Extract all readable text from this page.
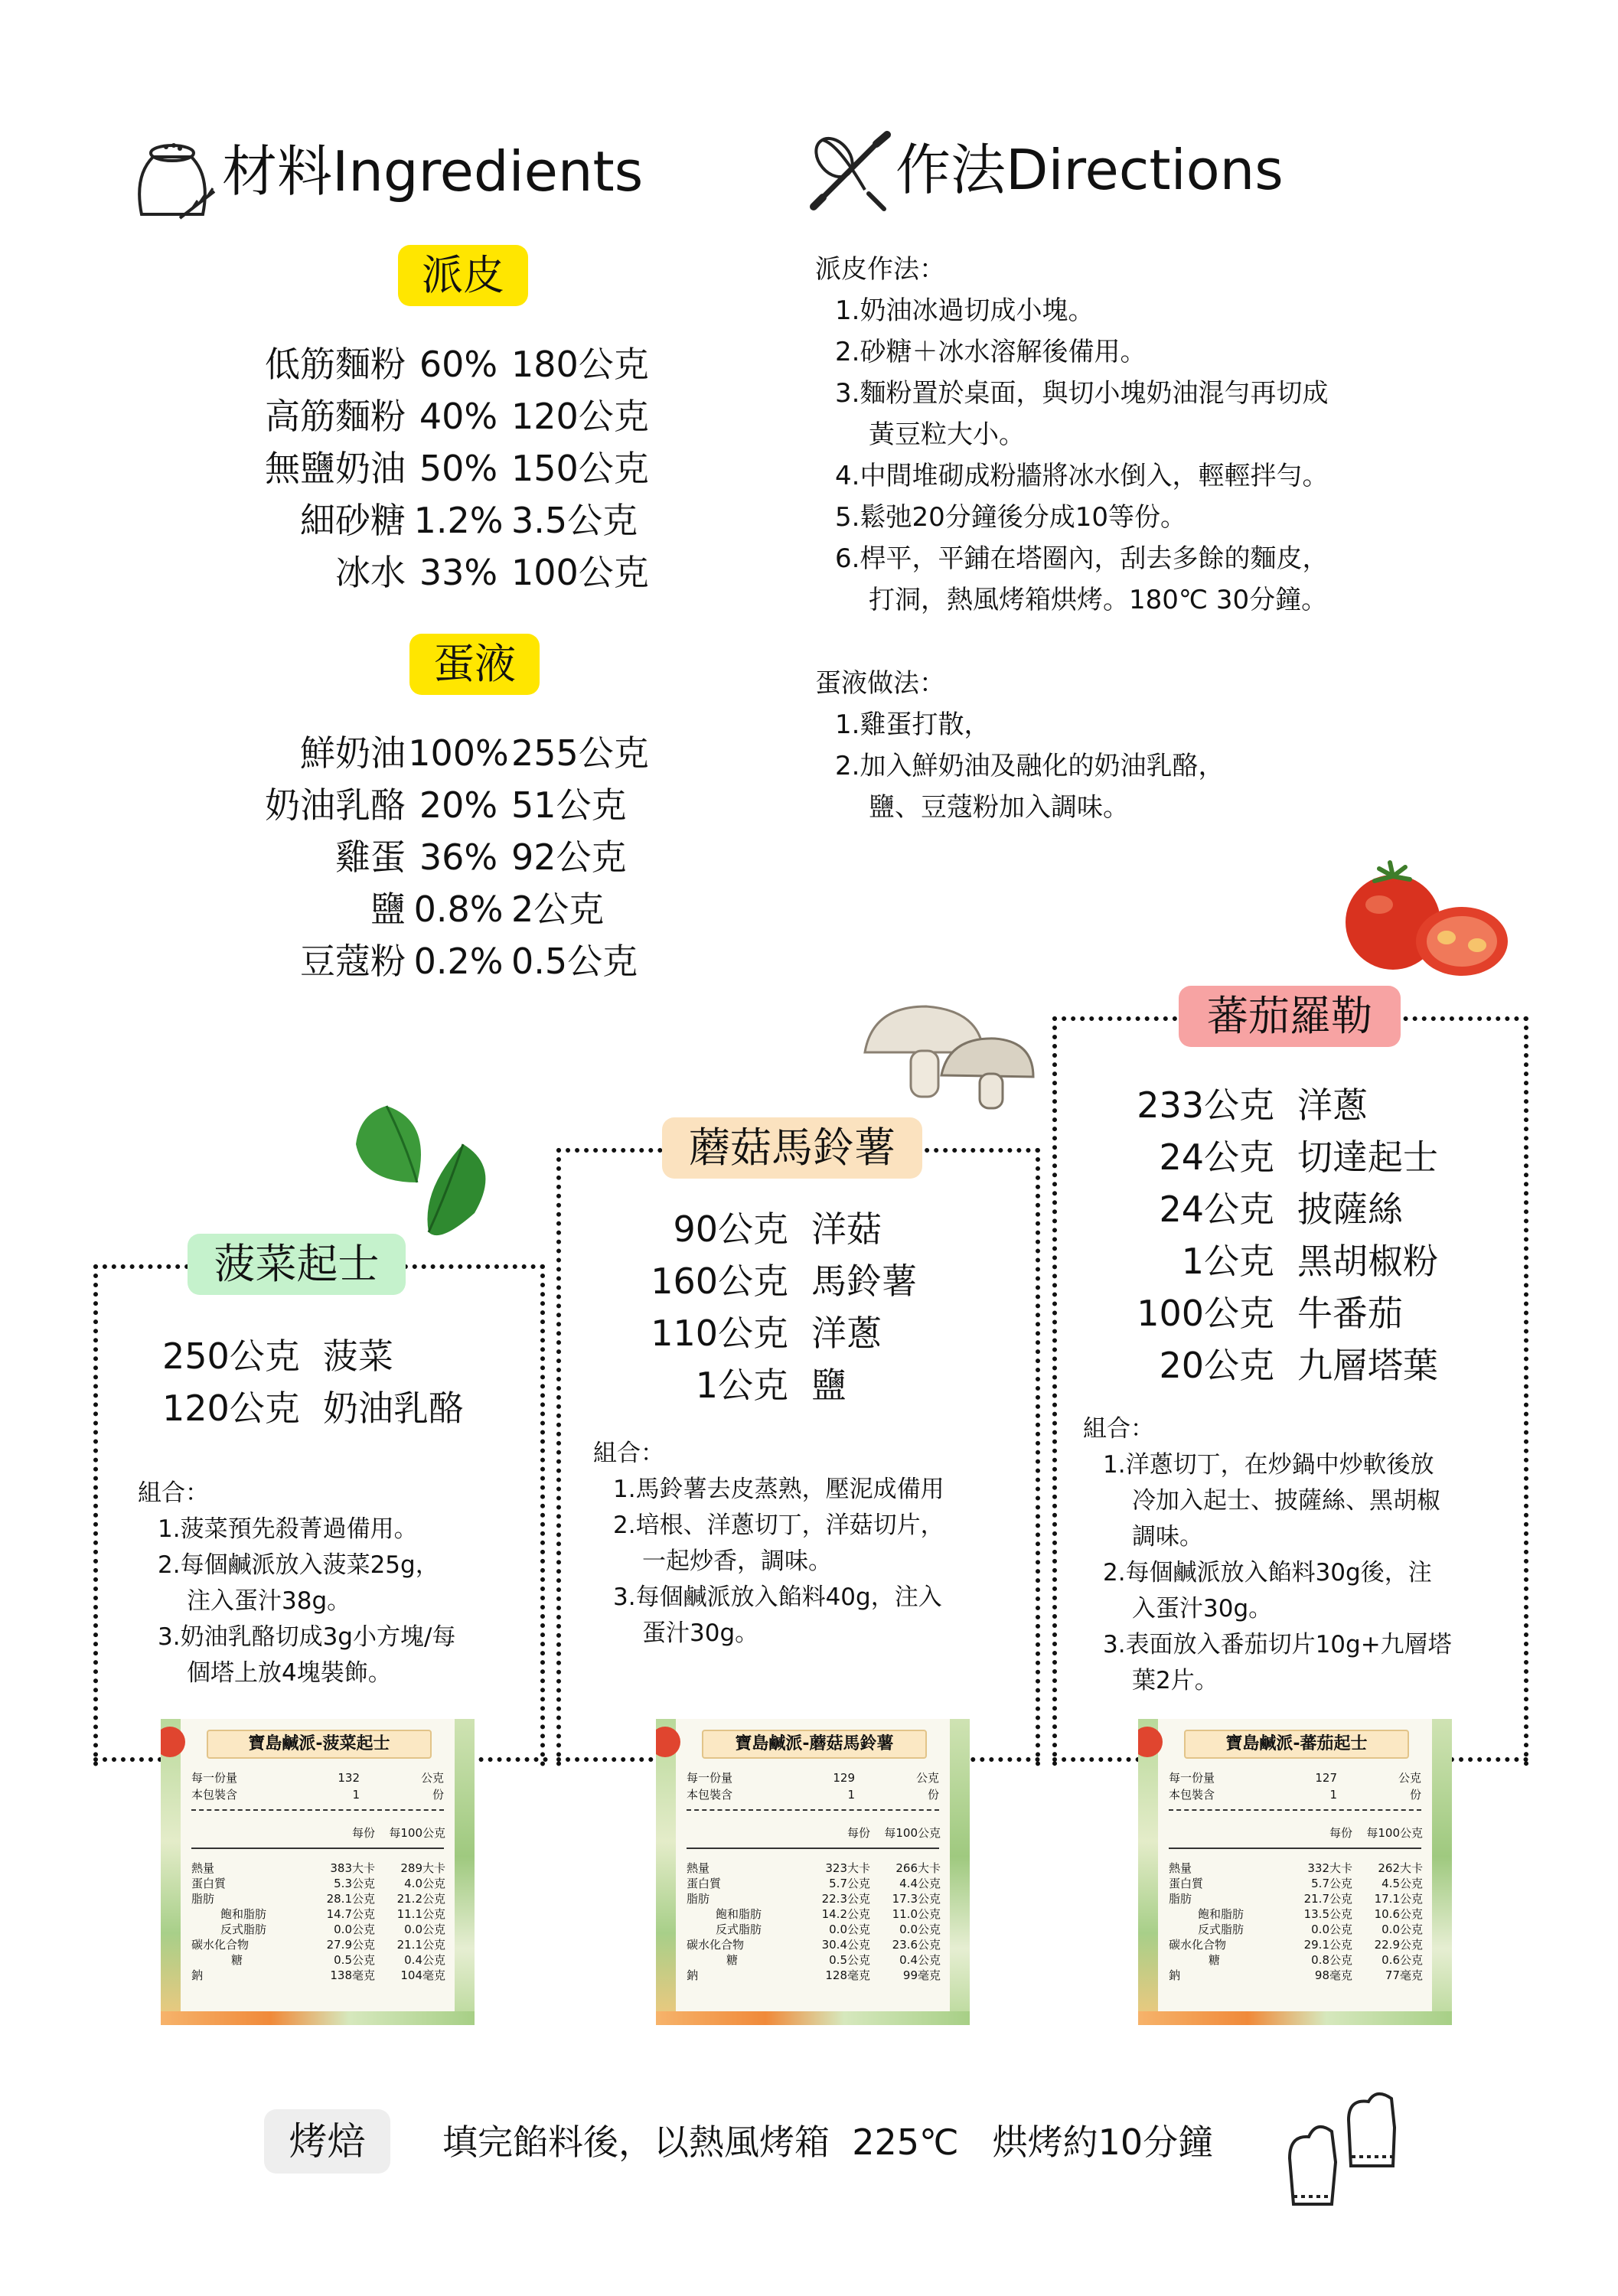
材料Ingredients	作法Directions
派皮
低筋麵粉 60% 180公克
高筋麵粉 40% 120公克
無鹽奶油 50% 150公克
細砂糖 1.2% 3.5公克
冰水 33% 100公克
蛋液
鮮奶油 100% 255公克
奶油乳酪 20% 51公克
雞蛋 36% 92公克
鹽 0.8% 2公克
豆蔻粉 0.2% 0.5公克
派皮作法：
1.奶油冰過切成小塊。
2.砂糖＋冰水溶解後備用。
3.麵粉置於桌面，與切小塊奶油混勻再切成
黃豆粒大小。
4.中間堆砌成粉牆將冰水倒入，輕輕拌勻。
5.鬆弛20分鐘後分成10等份。
6.桿平，平鋪在塔圈內，刮去多餘的麵皮，
打洞，熱風烤箱烘烤。180℃ 30分鐘。
蛋液做法：
1.雞蛋打散，
2.加入鮮奶油及融化的奶油乳酪，
鹽、豆蔻粉加入調味。
菠菜起士
250公克 菠菜
120公克 奶油乳酪
組合：
1.菠菜預先殺菁過備用。
2.每個鹹派放入菠菜25g，
注入蛋汁38g。
3.奶油乳酪切成3g小方塊/每
個塔上放4塊裝飾。
蘑菇馬鈴薯
90公克 洋菇
160公克 馬鈴薯
110公克 洋蔥
1公克 鹽
組合：
1.馬鈴薯去皮蒸熟，壓泥成備用
2.培根、洋蔥切丁，洋菇切片，
一起炒香，調味。
3.每個鹹派放入餡料40g，注入
蛋汁30g。
蕃茄羅勒
233公克 洋蔥
24公克 切達起士
24公克 披薩絲
1公克 黑胡椒粉
100公克 牛番茄
20公克 九層塔葉
組合：
1.洋蔥切丁，在炒鍋中炒軟後放
冷加入起士、披薩絲、黑胡椒
調味。
2.每個鹹派放入餡料30g後，注
入蛋汁30g。
3.表面放入番茄切片10g+九層塔
葉2片。
寶島鹹派-菠菜起士
每一份量	132	公克
本包裝含	1	份
每份	每100公克
熱量	383大卡	289大卡
蛋白質	5.3公克	4.0公克
脂肪	28.1公克	21.2公克
飽和脂肪	14.7公克	11.1公克
反式脂肪	0.0公克	0.0公克
碳水化合物	27.9公克	21.1公克
糖	0.5公克	0.4公克
鈉	138毫克	104毫克
寶島鹹派-蘑菇馬鈴薯
每一份量	129	公克
本包裝含	1	份
每份	每100公克
熱量	323大卡	266大卡
蛋白質	5.7公克	4.4公克
脂肪	22.3公克	17.3公克
飽和脂肪	14.2公克	11.0公克
反式脂肪	0.0公克	0.0公克
碳水化合物	30.4公克	23.6公克
糖	0.5公克	0.4公克
鈉	128毫克	99毫克
寶島鹹派-蕃茄起士
每一份量	127	公克
本包裝含	1	份
每份	每100公克
熱量	332大卡	262大卡
蛋白質	5.7公克	4.5公克
脂肪	21.7公克	17.1公克
飽和脂肪	13.5公克	10.6公克
反式脂肪	0.0公克	0.0公克
碳水化合物	29.1公克	22.9公克
糖	0.8公克	0.6公克
鈉	98毫克	77毫克
烤焙	填完餡料後，以熱風烤箱  225℃   烘烤約10分鐘
